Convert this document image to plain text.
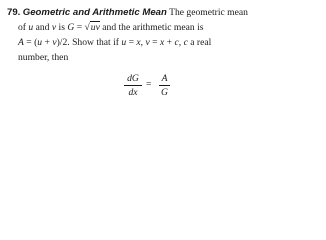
79. Geometric and Arithmetic Mean The geometric mean
of u and v is G = √uv and the arithmetic mean is
A = (u + v)/2. Show that if u = x, v = x + c, c a real
number, then
dG
dx
=
A
G
